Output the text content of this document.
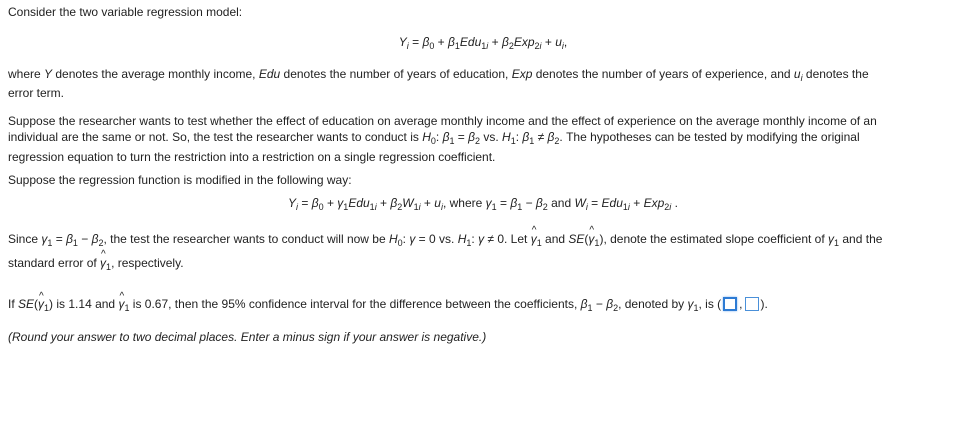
Consider the two variable regression model:

$Y_i = \beta_0 + \beta_1Edu_{1i} + \beta_2Exp_{2i} + u_i$,

where Y denotes the average monthly income, Edu denotes the number of years of education, Exp denotes the number of years of experience, and $u_i$ denotes the
error term.

Suppose the researcher wants to test whether the effect of education on average monthly income and the effect of experience on the average monthly income of an
individual are the same or not. So, the test the researcher wants to conduct is $H_0$: $\beta_1 = \beta_2$ vs. $H_1$: $\beta_1 \ne \beta_2$. The hypotheses can be tested by modifying the original
regression equation to turn the restriction into a restriction on a single regression coefficient.

Suppose the regression function is modified in the following way:

$Y_i = \beta_0 + \gamma_1Edu_{1i} + \beta_2W_{1i} + u_i$, where $\gamma_1 = \beta_1 - \beta_2$ and $W_i = Edu_{1i} + Exp_{2i}$ .

Since $\gamma_1 = \beta_1 - \beta_2$, the test the researcher wants to conduct will now be $H_0$: γ = 0 vs. $H_1$: γ ≠ 0. Let ^ $\gamma_1$ and SE(^ $\gamma_1$), denote the estimated slope coefficient of $\gamma_1$ and the
standard error of ^ $\gamma_1$, respectively.

If SE(^ $\gamma_1$) is 1.14 and ^ $\gamma_1$ is 0.67, then the 95% confidence interval for the difference between the coefficients, $\beta_1 - \beta_2$, denoted by $\gamma_1$, is ( , ).

(Round your answer to two decimal places. Enter a minus sign if your answer is negative.)
